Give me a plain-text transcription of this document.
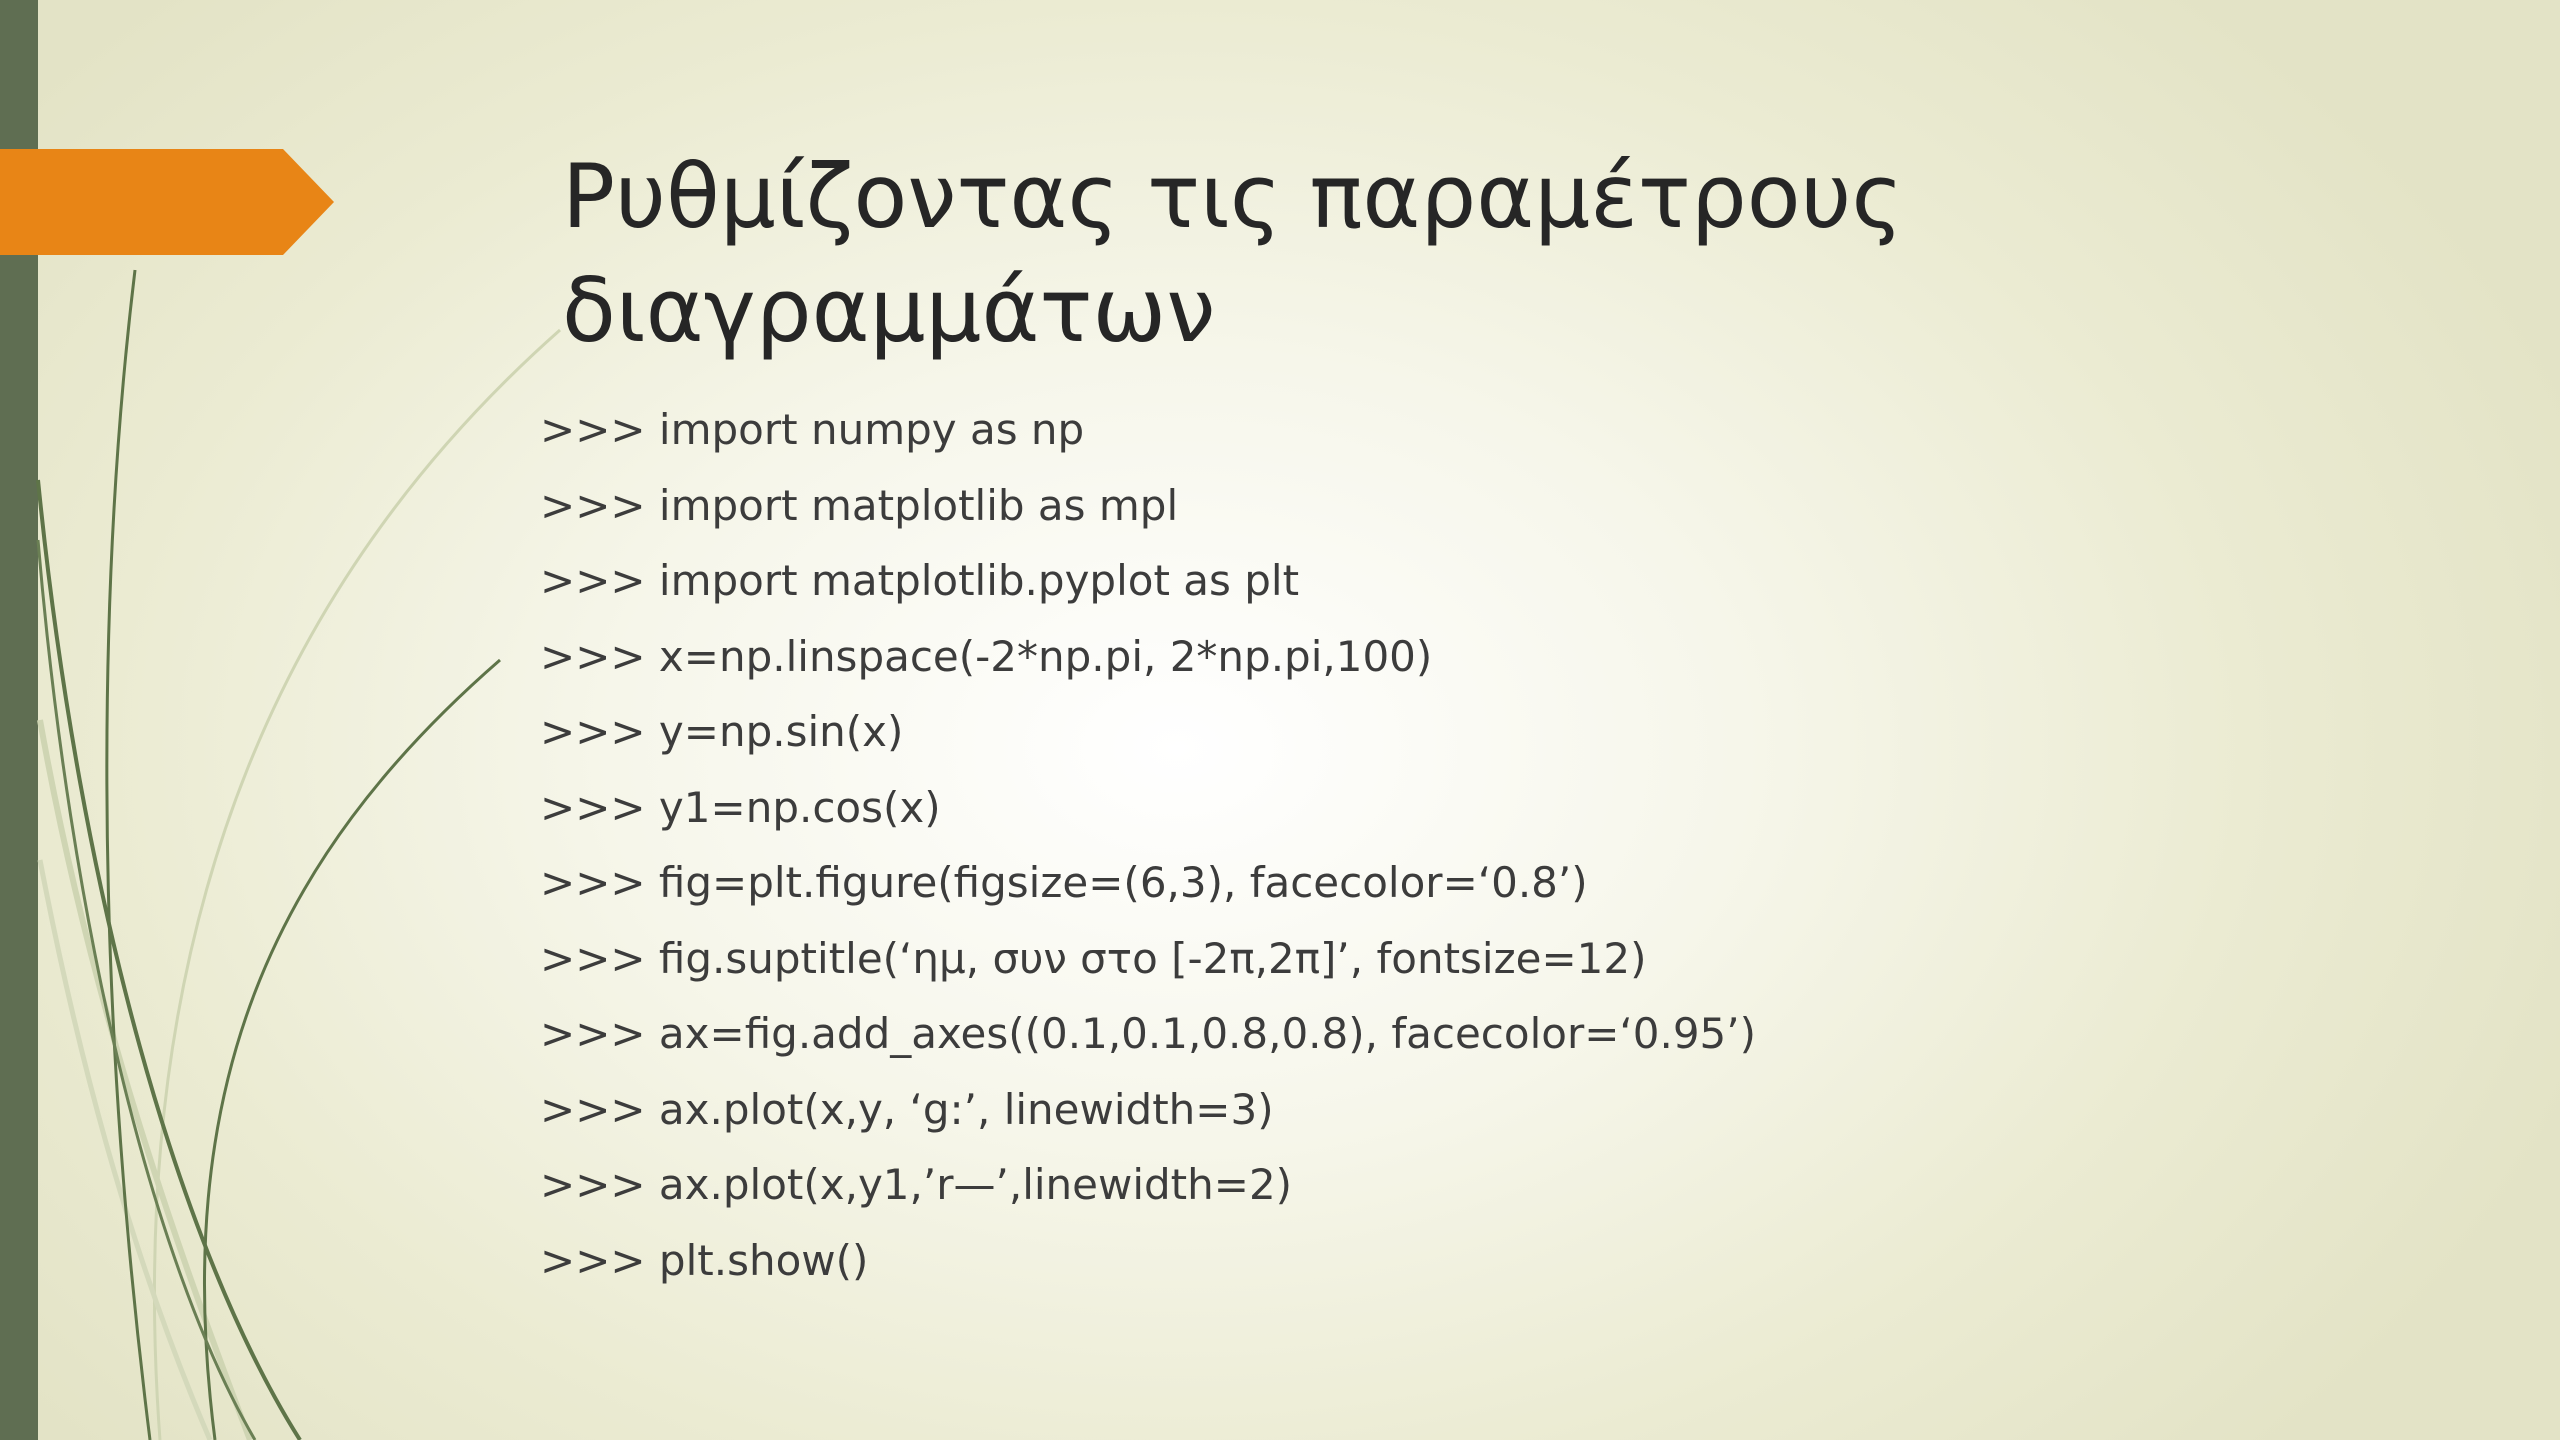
Ρυθμίζοντας τις παραμέτρους
διαγραμμάτων
>>> import numpy as np
>>> import matplotlib as mpl
>>> import matplotlib.pyplot as plt
>>> x=np.linspace(-2*np.pi, 2*np.pi,100)
>>> y=np.sin(x)
>>> y1=np.cos(x)
>>> fig=plt.figure(figsize=(6,3), facecolor=‘0.8’)
>>> fig.suptitle(‘ημ, συν στο [-2π,2π]’, fontsize=12)
>>> ax=fig.add_axes((0.1,0.1,0.8,0.8), facecolor=‘0.95’)
>>> ax.plot(x,y, ‘g:’, linewidth=3)
>>> ax.plot(x,y1,’r—’,linewidth=2)
>>> plt.show()
